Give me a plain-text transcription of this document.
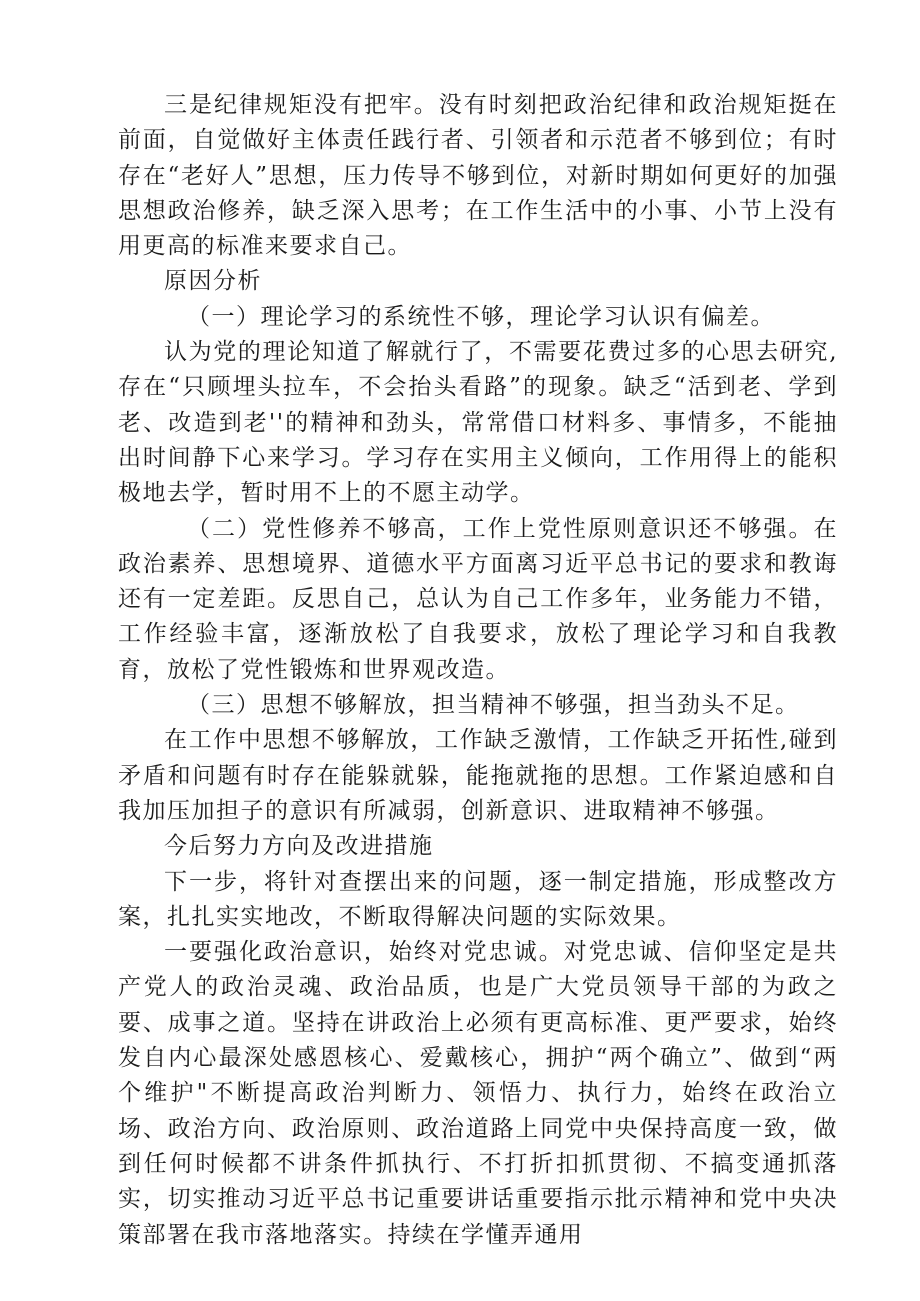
三是纪律规矩没有把牢。没有时刻把政治纪律和政治规矩挺在前面，自觉做好主体责任践行者、引领者和示范者不够到位；有时存在“老好人”思想，压力传导不够到位，对新时期如何更好的加强思想政治修养，缺乏深入思考；在工作生活中的小事、小节上没有用更高的标准来要求自己。

原因分析

（一）理论学习的系统性不够，理论学习认识有偏差。

认为党的理论知道了解就行了，不需要花费过多的心思去研究,存在“只顾埋头拉车，不会抬头看路”的现象。缺乏“活到老、学到老、改造到老''的精神和劲头，常常借口材料多、事情多，不能抽出时间静下心来学习。学习存在实用主义倾向，工作用得上的能积极地去学，暂时用不上的不愿主动学。

（二）党性修养不够高，工作上党性原则意识还不够强。在政治素养、思想境界、道德水平方面离习近平总书记的要求和教诲还有一定差距。反思自己，总认为自己工作多年，业务能力不错，工作经验丰富，逐渐放松了自我要求，放松了理论学习和自我教育，放松了党性锻炼和世界观改造。

（三）思想不够解放，担当精神不够强，担当劲头不足。

在工作中思想不够解放，工作缺乏激情，工作缺乏开拓性,碰到矛盾和问题有时存在能躲就躲，能拖就拖的思想。工作紧迫感和自我加压加担子的意识有所减弱，创新意识、进取精神不够强。

今后努力方向及改进措施

下一步，将针对查摆出来的问题，逐一制定措施，形成整改方案，扎扎实实地改，不断取得解决问题的实际效果。

一要强化政治意识，始终对党忠诚。对党忠诚、信仰坚定是共产党人的政治灵魂、政治品质，也是广大党员领导干部的为政之要、成事之道。坚持在讲政治上必须有更高标准、更严要求，始终发自内心最深处感恩核心、爱戴核心，拥护“两个确立”、做到“两个维护"不断提高政治判断力、领悟力、执行力，始终在政治立场、政治方向、政治原则、政治道路上同党中央保持高度一致，做到任何时候都不讲条件抓执行、不打折扣抓贯彻、不搞变通抓落实，切实推动习近平总书记重要讲话重要指示批示精神和党中央决策部署在我市落地落实。持续在学懂弄通用
